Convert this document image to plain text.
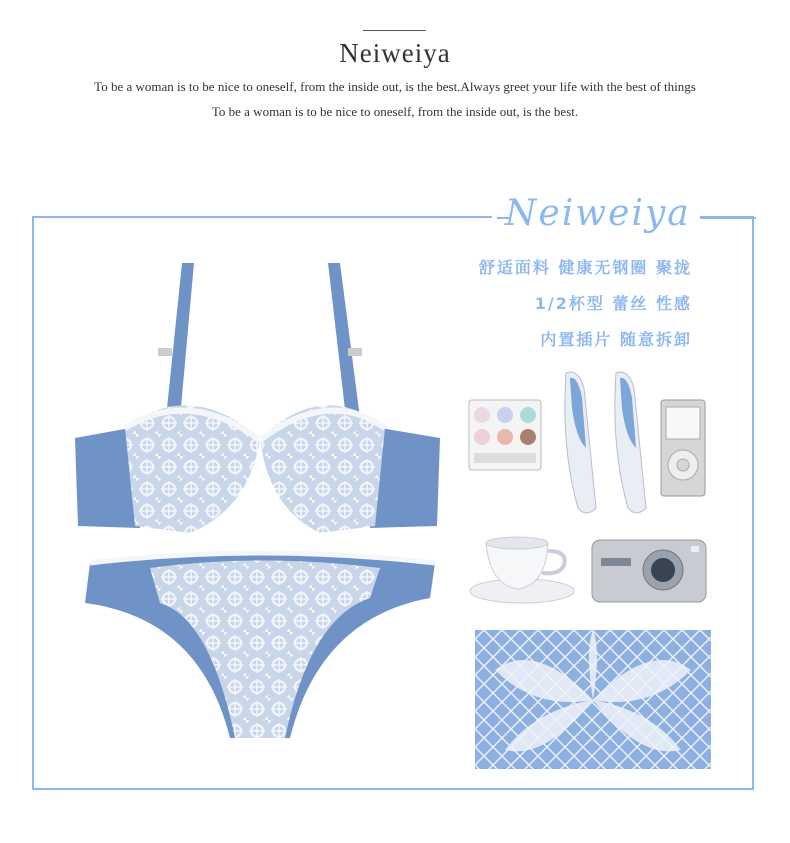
Neiweiya
To be a woman is to be nice to oneself, from the inside out, is the best.Always greet your life with the best of things
To be a woman is to be nice to oneself, from the inside out, is the best.
Neiweiya
舒适面料 健康无钢圈 聚拢
1/2杯型 蕾丝 性感
内置插片 随意拆卸
